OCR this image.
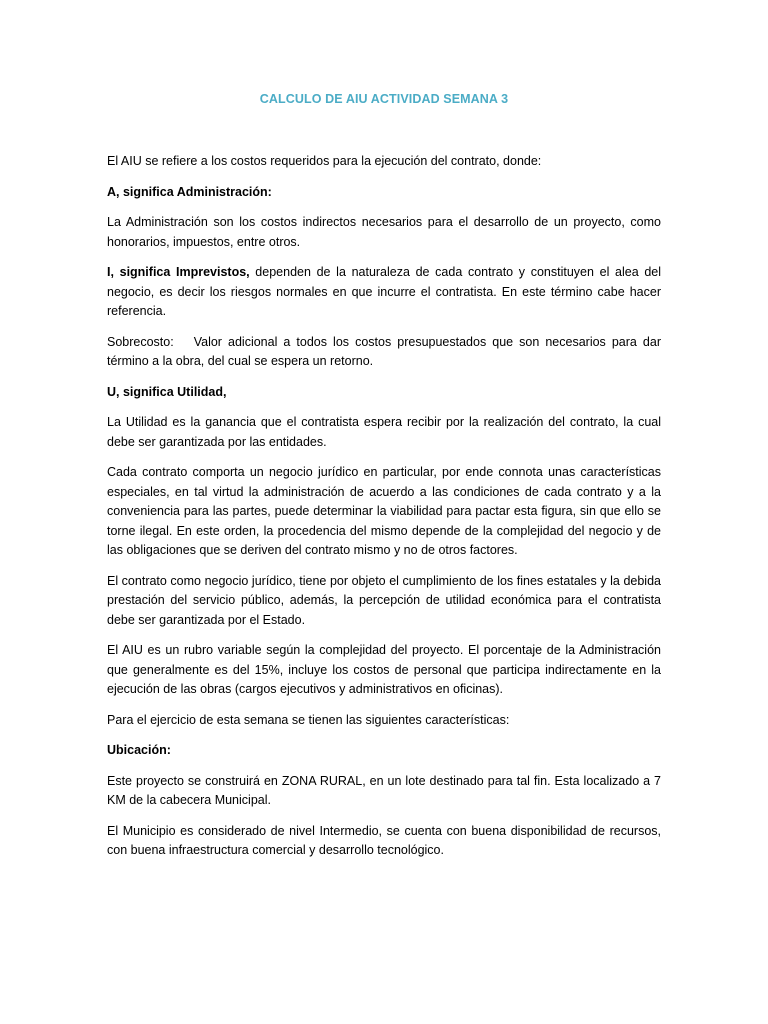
CALCULO DE AIU ACTIVIDAD SEMANA 3

El AIU se refiere a los costos requeridos para la ejecución del contrato, donde:

A, significa Administración:

La Administración son los costos indirectos necesarios para el desarrollo de un proyecto, como honorarios, impuestos, entre otros.

I, significa Imprevistos, dependen de la naturaleza de cada contrato y constituyen el alea del negocio, es decir los riesgos normales en que incurre el contratista. En este término cabe hacer referencia.

Sobrecosto: Valor adicional a todos los costos presupuestados que son necesarios para dar término a la obra, del cual se espera un retorno.

U, significa Utilidad,

La Utilidad es la ganancia que el contratista espera recibir por la realización del contrato, la cual debe ser garantizada por las entidades.

Cada contrato comporta un negocio jurídico en particular, por ende connota unas características especiales, en tal virtud la administración de acuerdo a las condiciones de cada contrato y a la conveniencia para las partes, puede determinar la viabilidad para pactar esta figura, sin que ello se torne ilegal. En este orden, la procedencia del mismo depende de la complejidad del negocio y de las obligaciones que se deriven del contrato mismo y no de otros factores.

El contrato como negocio jurídico, tiene por objeto el cumplimiento de los fines estatales y la debida prestación del servicio público, además, la percepción de utilidad económica para el contratista debe ser garantizada por el Estado.

El AIU es un rubro variable según la complejidad del proyecto. El porcentaje de la Administración que generalmente es del 15%, incluye los costos de personal que participa indirectamente en la ejecución de las obras (cargos ejecutivos y administrativos en oficinas).

Para el ejercicio de esta semana se tienen las siguientes características:

Ubicación:

Este proyecto se construirá en ZONA RURAL, en un lote destinado para tal fin. Esta localizado a 7 KM de la cabecera Municipal.

El Municipio es considerado de nivel Intermedio, se cuenta con buena disponibilidad de recursos, con buena infraestructura comercial y desarrollo tecnológico.
